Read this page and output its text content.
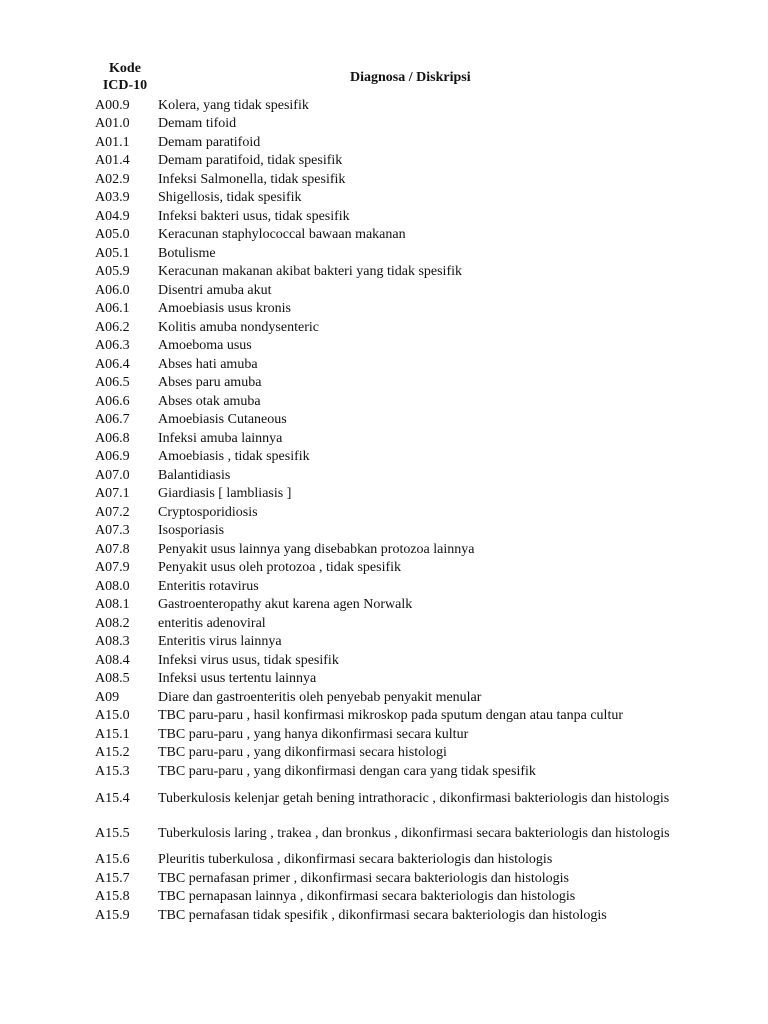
Kode
ICD-10
Diagnosa / Diskripsi
A00.9	Kolera, yang tidak spesifik
A01.0	Demam tifoid
A01.1	Demam paratifoid
A01.4	Demam paratifoid, tidak spesifik
A02.9	Infeksi Salmonella, tidak spesifik
A03.9	Shigellosis, tidak spesifik
A04.9	Infeksi bakteri usus, tidak spesifik
A05.0	Keracunan staphylococcal bawaan makanan
A05.1	Botulisme
A05.9	Keracunan makanan akibat bakteri yang tidak spesifik
A06.0	Disentri amuba akut
A06.1	Amoebiasis usus kronis
A06.2	Kolitis amuba nondysenteric
A06.3	Amoeboma usus
A06.4	Abses hati amuba
A06.5	Abses paru amuba
A06.6	Abses otak amuba
A06.7	Amoebiasis Cutaneous
A06.8	Infeksi amuba lainnya
A06.9	Amoebiasis , tidak spesifik
A07.0	Balantidiasis
A07.1	Giardiasis [ lambliasis ]
A07.2	Cryptosporidiosis
A07.3	Isosporiasis
A07.8	Penyakit usus lainnya yang disebabkan protozoa lainnya
A07.9	Penyakit usus oleh protozoa , tidak spesifik
A08.0	Enteritis rotavirus
A08.1	Gastroenteropathy akut karena agen Norwalk
A08.2	enteritis adenoviral
A08.3	Enteritis virus lainnya
A08.4	Infeksi virus usus, tidak spesifik
A08.5	Infeksi usus tertentu lainnya
A09	Diare dan gastroenteritis oleh penyebab penyakit menular
A15.0	TBC paru-paru , hasil konfirmasi mikroskop pada sputum dengan atau tanpa cultur
A15.1	TBC paru-paru , yang hanya dikonfirmasi secara kultur
A15.2	TBC paru-paru , yang dikonfirmasi secara histologi
A15.3	TBC paru-paru , yang dikonfirmasi dengan cara yang tidak spesifik
A15.4	Tuberkulosis kelenjar getah bening intrathoracic , dikonfirmasi bakteriologis dan histologis
A15.5	Tuberkulosis laring , trakea , dan bronkus , dikonfirmasi secara bakteriologis dan histologis
A15.6	Pleuritis tuberkulosa , dikonfirmasi secara bakteriologis dan histologis
A15.7	TBC pernafasan primer , dikonfirmasi secara bakteriologis dan histologis
A15.8	TBC pernapasan lainnya , dikonfirmasi secara bakteriologis dan histologis
A15.9	TBC pernafasan tidak spesifik , dikonfirmasi secara bakteriologis dan histologis
